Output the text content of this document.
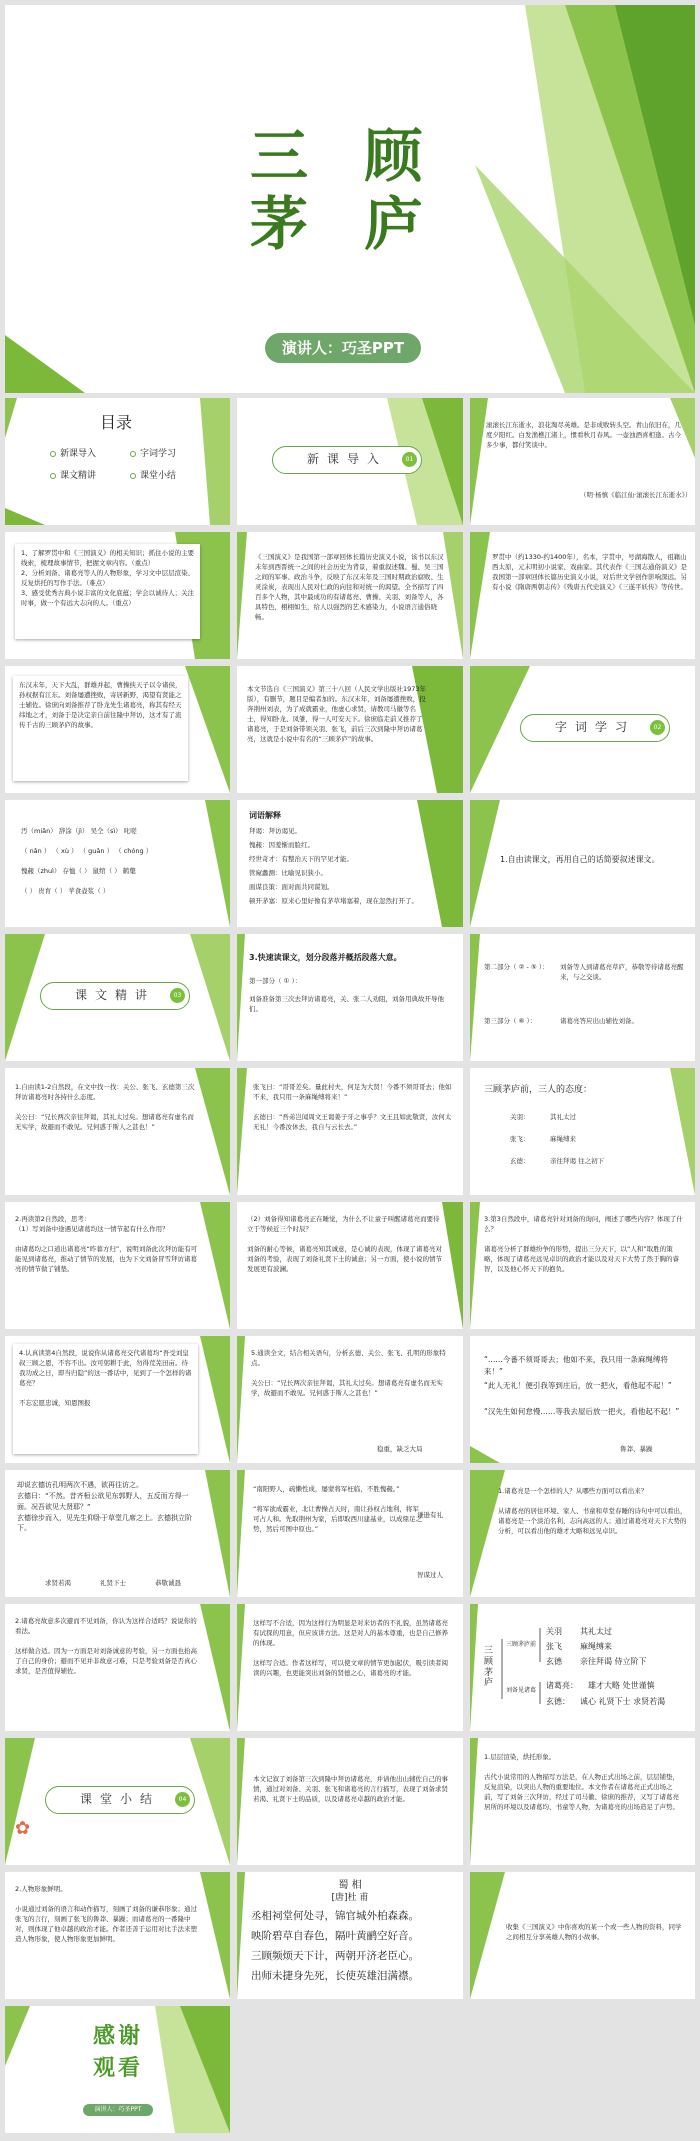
三 顾
茅 庐
演讲人：巧圣PPT
目录
新课导入	字词学习
课文精讲	课堂小结
新课导入	01
滚滚长江东逝水，浪花淘尽英雄。是非成败转头空。青山依旧在，几度夕阳红。白发渔樵江渚上，惯看秋月春风。一壶浊酒喜相逢。古今多少事，都付笑谈中。
（明·杨慎《临江仙·滚滚长江东逝水》）
1、了解罗贯中和《三国演义》的相关知识；抓住小说的主要线索，梳理故事情节，把握文章内容。（重点）
2、分析刘备、诸葛亮等人的人物形象，学习文中层层渲染、反复烘托的写作手法。（难点）
3、感受优秀古典小说丰富的文化底蕴；学会以诚待人；关注时事，做一个有远大志向的人。（重点）
《三国演义》是我国第一部章回体长篇历史演义小说，该书以东汉末年到西晋统一之间的社会历史为背景，着重叙述魏、蜀、吴三国之间的军事、政治斗争，反映了东汉末年及三国时期政治腐败、生灵涂炭，表现出人民对仁政的向往和对统一的渴望。全书描写了四百多个人物，其中最成功的有诸葛亮、曹操、关羽、刘备等人，各具特色，栩栩如生，给人以强烈的艺术感染力，小说语言通俗晓畅。
罗贯中（约1330-约1400年），名本，字贯中，号湖海散人，祖籍山西太原，元末明初小说家、戏曲家。其代表作《三国志通俗演义》是我国第一部章回体长篇历史演义小说，对后世文学创作影响深远。另有小说《隋唐两朝志传》《残唐五代史演义》《三遂平妖传》等传世。
东汉末年，天下大乱，群雄并起，曹操挟天子以令诸侯，孙权据有江东。刘备屡遭挫败，寄居新野，渴望有贤能之士辅佐。徐庶向刘备推荐了卧龙先生诸葛亮，称其有经天纬地之才，刘备于是决定亲自前往隆中拜访，这才有了流传千古的三顾茅庐的故事。
本文节选自《三国演义》第三十八回（人民文学出版社1973年版），有删节，题目是编者加的。东汉末年，刘备屡遭挫败，投奔荆州刘表，为了成就霸业，他虚心求贤，请教司马徽等名士，得知卧龙、凤雏，得一人可安天下。徐庶临走前又推荐了诸葛亮，于是刘备带领关羽、张飞，前后三次到隆中拜访诸葛亮，这就是小说中有名的“三顾茅庐”的故事。
字词学习	02
汚（miǎn） 辞涂（jì） 吴仝（sì） 叱嗟
（ nǎn ） （ xù ） （ guān ） （ chóng ）
愧赧（zhuì） 存恤（ ） 鼠绾（ ） 鹤氅
（ ） 贵育（ ） 苹食壶浆（ ）
词语解释
拜谒：拜访谒见。
愧赧：因羞惭而脸红。
经世奇才：有整治天下的罕见才能。
管窥蠡测：比喻见识狭小。
面谋良策：面对面共同谋划。
顿开茅塞：原来心里好像有茅草堵塞着，现在忽然打开了。
1.自由读课文，再用自己的话简要叙述课文。
课文精讲	03
3.快速读课文，划分段落并概括段落大意。
第一部分（ ① ）：
刘备准备第三次去拜访诸葛亮，关、张二人劝阻，刘备用典故开导他们。
第二部分（ ② - ⑤ ）： 刘备等人到诸葛亮草庐，恭敬等待诸葛亮醒来，与之交谈。
第三部分（ ⑥ ）：	诸葛亮答应出山辅佐刘备。
1.自由读1-2自然段，在文中找一找：关公、张飞、玄德第三次拜访诸葛亮时各持什么态度。

关公曰：“兄长两次亲往拜谒，其礼太过矣。想诸葛亮有虚名而无实学，故避而不敢见。兄何惑于斯人之甚也！”
张飞曰：“哥哥差矣。量此村夫，何足为大贤！今番不须哥哥去；他如不来，我只用一条麻绳缚将来！”

玄德曰：“吾弟岂闻周文王谒姜子牙之事乎？文王且如此敬贤，汝何太无礼！今番汝休去，我自与云长去。”
三顾茅庐前，三人的态度：
关羽：	其礼太过
张飞：	麻绳缚来
玄德：	亲往拜谒 往之初下
2.再读第2自然段，思考：
（1）写刘备中途遇见诸葛均这一情节起有什么作用？

由诸葛均之口道出诸葛亮“昨暮方归”，说明刘备此次拜访能有可能见到诸葛亮，推动了情节的发展，也为下文刘备冒雪拜访诸葛亮的情节做了铺垫。
（2）刘备得知诸葛亮正在睡觉，为什么不让童子叫醒诸葛亮而要侍立于等候近三个时辰？

刘备的耐心等候，诸葛亮知其诚意，是心诚的表现，体现了诸葛亮对刘备的考验，表现了刘备礼贤下士的诚意；另一方面，使小说的情节发展更有波澜。
3.第3自然段中，诸葛亮针对刘备的询问，阐述了哪些内容？体现了什么？

诸葛亮分析了群雄纷争的形势，提出三分天下，以“人和”取胜的策略，体现了诸葛亮远见卓识的政治才能以及对天下大势了然于胸的睿智，以及他心怀天下的抱负。
4.认真读第4自然段，说说你从诸葛亮交代诸葛均“吾受刘皇叔三顾之恩，不容不出。汝可躬耕于此，勿得荒芜田亩。待我功成之日，即当归隐”的这一番话中，见到了一个怎样的诸葛亮？

不忘宏愿忠诚，知恩图报
5.通读全文，结合相关语句，分析玄德、关公、张飞、孔明的形象特点。

关公曰：“兄长两次亲往拜谒，其礼太过矣。想诸葛亮有虚名而无实学，故避而不敢见。兄何惑于斯人之甚也！”
稳重，缺乏大局
“……今番不须哥哥去；他如不来，我只用一条麻绳缚将来！”
“此人无礼！便引我等到庄后，放一把火，看他起不起！”
“汉先生如何怠慢……等我去屋后放一把火，看他起不起！”
鲁莽、暴躁
却说玄德访孔明两次不遇，欲再往访之。
玄德曰：“不然。昔齐桓公欲见东郭野人，五反而方得一面。况吾欲见大贤耶？”
玄德徐步而入，见先生仰卧于草堂几席之上。玄德拱立阶下。
求贤若渴	礼贤下士	恭敬诚恳
“南阳野人，疏懒性成，屡蒙将军枉临，不胜愧赧。”

“将军欲成霸业，北让曹操占天时，南让孙权占地利，将军可占人和。先取荆州为家，后即取西川建基业，以成鼎足之势，然后可图中原也。”
谦逊有礼
智谋过人
1.诸葛亮是一个怎样的人？从哪些方面可以看出来？

从诸葛亮的居住环境、家人、书童和草堂春睡的诗句中可以看出，诸葛亮是一个淡泊名利、志向高远的人；通过诸葛亮对天下大势的分析，可以看出他的雄才大略和远见卓识。
2.诸葛亮故意多次避而不见刘备，你认为这样合适吗？说说你的看法。

这样做合适。因为一方面是对刘备诚意的考验，另一方面也抬高了自己的身价；避而不见并非故意刁难，只是考验刘备是否真心求贤，是否值得辅佐。
这样写不合适，因为这样行为明显是对来访者的不礼貌，虽然诸葛亮有试探的用意，但应该讲方法。这是对人的基本尊重，也是自己修养的体现。

这样写合适。作者这样写，可以使文章的情节更加起伏，吸引读者阅读的兴趣，也更能突出刘备的贤德之心，诸葛亮的才能。
三顾茅庐
三顾茅庐前
关羽 其礼太过
张飞 麻绳缚来
玄德 亲往拜谒 侍立阶下
刘备见诸葛
诸葛亮： 雄才大略 处世谨慎
玄德： 诚心 礼贤下士 求贤若渴
课堂小结	04
✿
本文记叙了刘备第三次到隆中拜访诸葛亮，并请他出山辅佐自己的事情，通过对刘备、关羽、张飞和诸葛亮的言行描写，表现了刘备求贤若渴、礼贤下士的品质，以及诸葛亮卓越的政治才能。
1.层层渲染，烘托形象。

古代小说常用的人物描写方法是，在人物正式出场之前，层层铺垫，反复渲染，以突出人物的重要地位。本文作者在诸葛亮正式出场之前，写了刘备三次拜访，经过了司马徽、徐庶的推荐，又写了诸葛亮居所的环境以及诸葛均、书童等人物，为诸葛亮的出场造足了声势。
2.人物形象鲜明。

小说通过刘备的语言和动作描写，刻画了刘备的谦恭形象；通过张飞的言行，刻画了张飞的鲁莽、暴躁；而诸葛亮的一番隆中对，则体现了他卓越的政治才能。作者还善于运用对比手法来塑造人物形象，使人物形象更加鲜明。
蜀 相
[唐]杜 甫
丞相祠堂何处寻，锦官城外柏森森。
映阶碧草自春色，隔叶黄鹂空好音。
三顾频烦天下计，两朝开济老臣心。
出师未捷身先死，长使英雄泪满襟。
收集《三国演义》中你喜欢的某一个或一些人物的资料，同学之间相互分享英雄人物的小故事。
感谢
观看
演讲人：巧圣PPT
